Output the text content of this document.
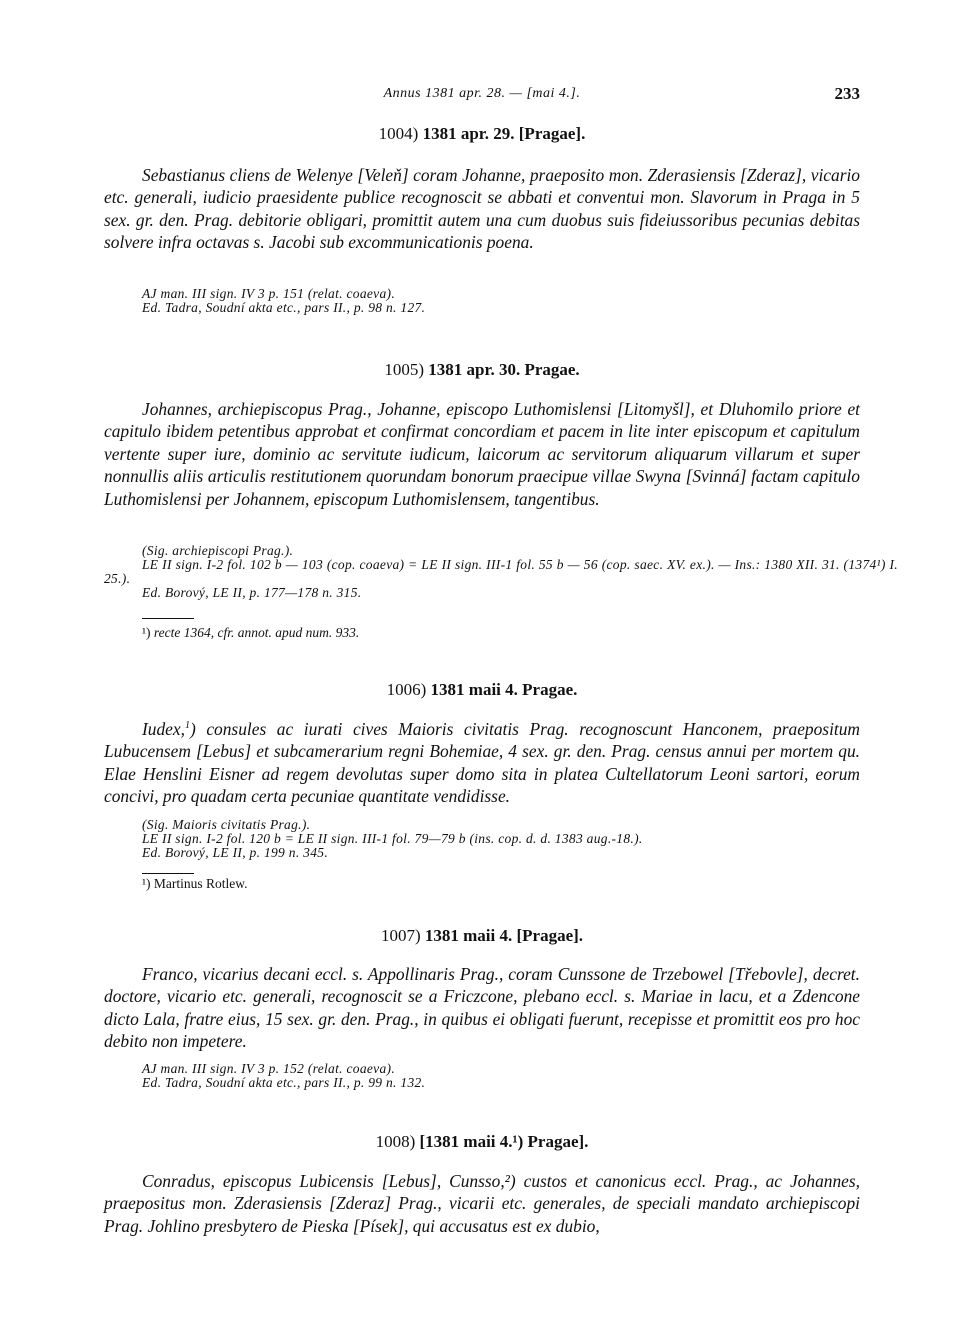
Annus 1381 apr. 28. — [mai 4.].	233
1004) 1381 apr. 29. [Pragae].

Sebastianus cliens de Welenye [Veleň] coram Johanne, praeposito mon. Zderasiensis [Zderaz], vicario etc. generali, iudicio praesidente publice recognoscit se abbati et conventui mon. Slavorum in Praga in 5 sex. gr. den. Prag. debitorie obligari, promittit autem una cum duobus suis fideiussoribus pecunias debitas solvere infra octavas s. Jacobi sub excommunicationis poena.

AJ man. III sign. IV 3 p. 151 (relat. coaeva).
Ed. Tadra, Soudní akta etc., pars II., p. 98 n. 127.
1005) 1381 apr. 30. Pragae.

Johannes, archiepiscopus Prag., Johanne, episcopo Luthomislensi [Litomyšl], et Dluhomilo priore et capitulo ibidem petentibus approbat et confirmat concordiam et pacem in lite inter episcopum et capitulum vertente super iure, dominio ac servitute iudicum, laicorum ac servitorum aliquarum villarum et super nonnullis aliis articulis restitutionem quorundam bonorum praecipue villae Swyna [Svinná] factam capitulo Luthomislensi per Johannem, episcopum Luthomislensem, tangentibus.

(Sig. archiepiscopi Prag.).
LE II sign. I-2 fol. 102 b — 103 (cop. coaeva) = LE II sign. III-1 fol. 55 b — 56 (cop. saec. XV. ex.). — Ins.: 1380 XII. 31. (1374¹) I. 25.).
Ed. Borový, LE II, p. 177—178 n. 315.
¹) recte 1364, cfr. annot. apud num. 933.
1006) 1381 maii 4. Pragae.

Iudex,$^1$) consules ac iurati cives Maioris civitatis Prag. recognoscunt Hanconem, praepositum Lubucensem [Lebus] et subcamerarium regni Bohemiae, 4 sex. gr. den. Prag. census annui per mortem qu. Elae Henslini Eisner ad regem devolutas super domo sita in platea Cultellatorum Leoni sartori, eorum concivi, pro quadam certa pecuniae quantitate vendidisse.

(Sig. Maioris civitatis Prag.).
LE II sign. I-2 fol. 120 b = LE II sign. III-1 fol. 79—79 b (ins. cop. d. d. 1383 aug.-18.).
Ed. Borový, LE II, p. 199 n. 345.
¹) Martinus Rotlew.
1007) 1381 maii 4. [Pragae].

Franco, vicarius decani eccl. s. Appollinaris Prag., coram Cunssone de Trzebowel [Třebovle], decret. doctore, vicario etc. generali, recognoscit se a Friczcone, plebano eccl. s. Mariae in lacu, et a Zdencone dicto Lala, fratre eius, 15 sex. gr. den. Prag., in quibus ei obligati fuerunt, recepisse et promittit eos pro hoc debito non impetere.

AJ man. III sign. IV 3 p. 152 (relat. coaeva).
Ed. Tadra, Soudní akta etc., pars II., p. 99 n. 132.
1008) [1381 maii 4.¹) Pragae].

Conradus, episcopus Lubicensis [Lebus], Cunsso,²) custos et canonicus eccl. Prag., ac Johannes, praepositus mon. Zderasiensis [Zderaz] Prag., vicarii etc. generales, de speciali mandato archiepiscopi Prag. Johlino presbytero de Pieska [Písek], qui accusatus est ex dubio,
